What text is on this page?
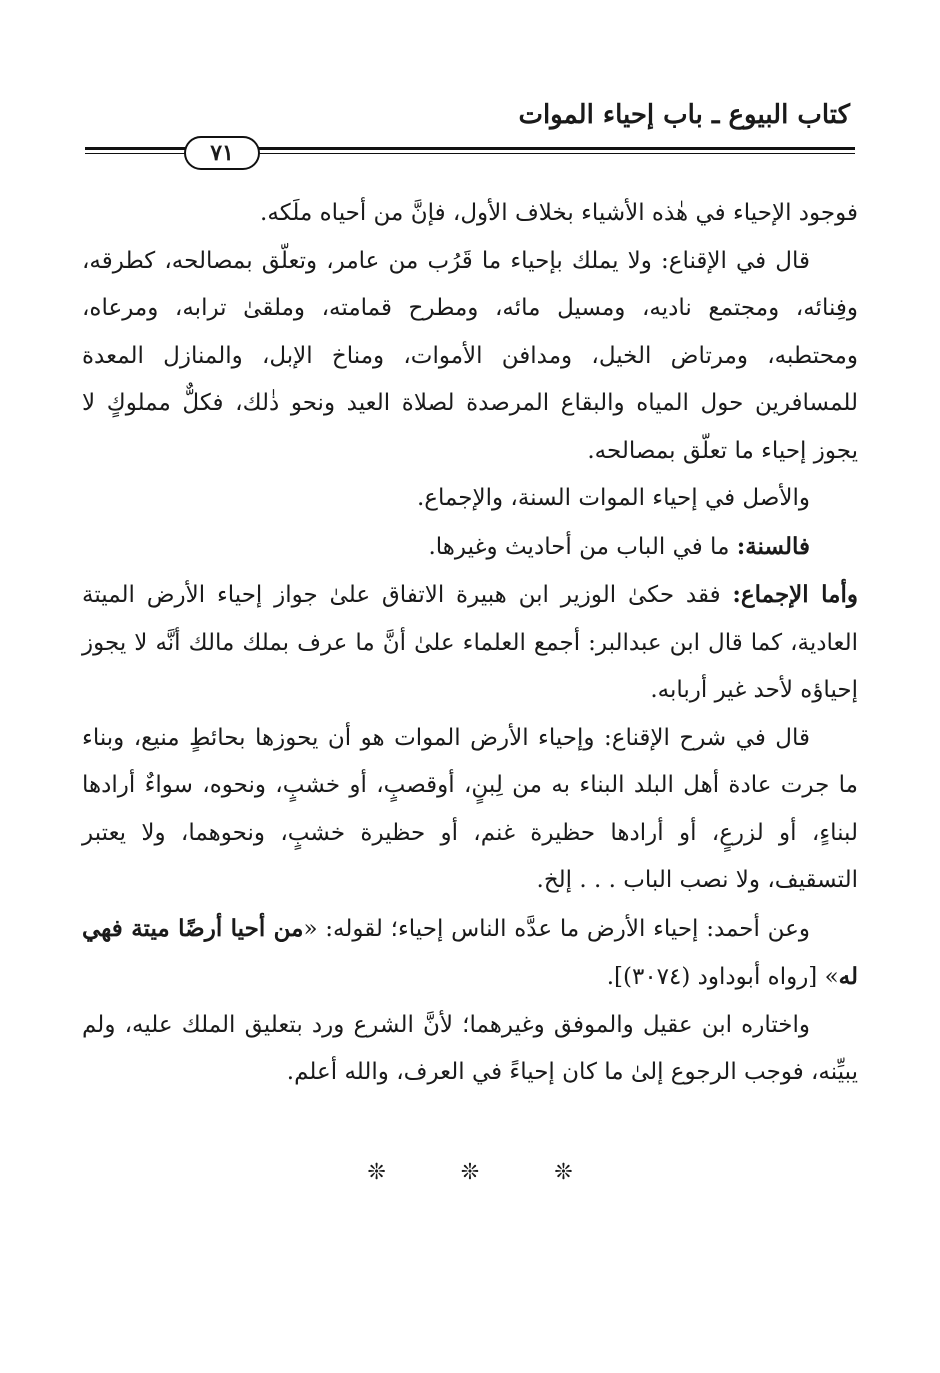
كتاب البيوع ـ باب إحياء الموات
٧١

فوجود الإحياء في هٰذه الأشياء بخلاف الأول، فإنَّ من أحياه ملَكه.

قال في الإقناع: ولا يملك بإحياء ما قَرُب من عامر، وتعلّق بمصالحه، كطرقه، وفِنائه، ومجتمع ناديه، ومسيل مائه، ومطرح قمامته، وملقىٰ ترابه، ومرعاه، ومحتطبه، ومرتاض الخيل، ومدافن الأموات، ومناخ الإبل، والمنازل المعدة للمسافرين حول المياه والبقاع المرصدة لصلاة العيد ونحو ذٰلك، فكلٌّ مملوكٍ لا يجوز إحياء ما تعلّق بمصالحه.

والأصل في إحياء الموات السنة، والإجماع.

فالسنة: ما في الباب من أحاديث وغيرها.

وأما الإجماع: فقد حكىٰ الوزير ابن هبيرة الاتفاق علىٰ جواز إحياء الأرض الميتة العادية، كما قال ابن عبدالبر: أجمع العلماء علىٰ أنَّ ما عرف بملك مالك أنَّه لا يجوز إحياؤه لأحد غير أربابه.

قال في شرح الإقناع: وإحياء الأرض الموات هو أن يحوزها بحائطٍ منيع، وبناء ما جرت عادة أهل البلد البناء به من لِبنٍ، أوقصبٍ، أو خشبٍ، ونحوه، سواءٌ أرادها لبناءٍ، أو لزرعٍ، أو أرادها حظيرة غنم، أو حظيرة خشبٍ، ونحوهما، ولا يعتبر التسقيف، ولا نصب الباب . . . إلخ.

وعن أحمد: إحياء الأرض ما عدَّه الناس إحياء؛ لقوله: «من أحيا أرضًا ميتة فهي له» [رواه أبوداود (٣٠٧٤)].

واختاره ابن عقيل والموفق وغيرهما؛ لأنَّ الشرع ورد بتعليق الملك عليه، ولم يبيِّنه، فوجب الرجوع إلىٰ ما كان إحياءً في العرف، والله أعلم.

❊ ❊ ❊
